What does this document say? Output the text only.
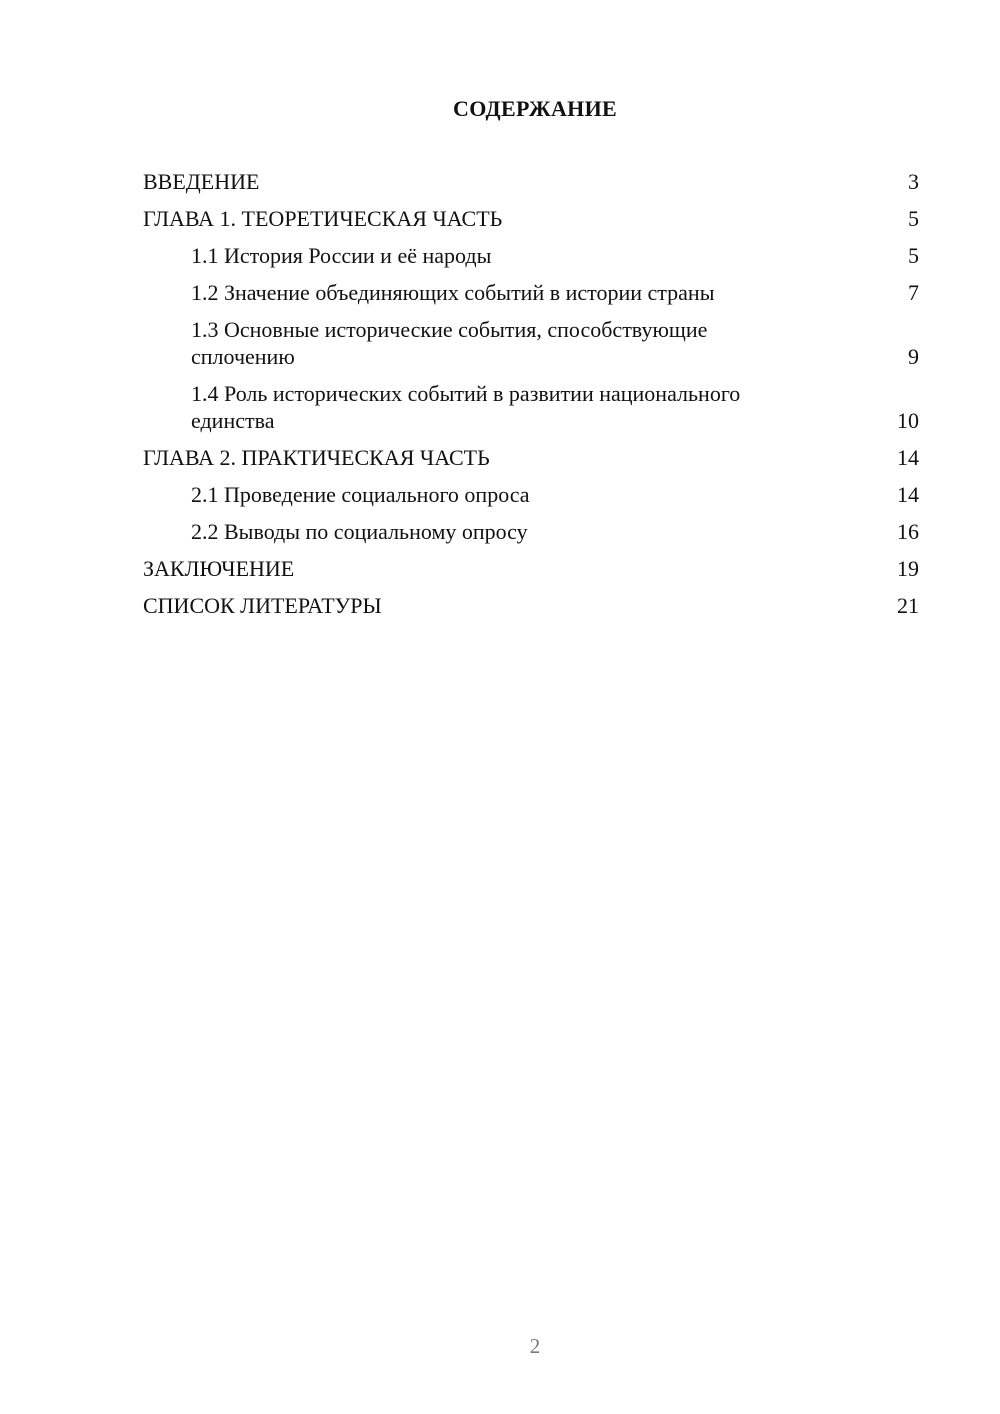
СОДЕРЖАНИЕ
ВВЕДЕНИЕ	3
ГЛАВА 1. ТЕОРЕТИЧЕСКАЯ ЧАСТЬ	5
1.1 История России и её народы	5
1.2 Значение объединяющих событий в истории страны	7
1.3 Основные исторические события, способствующие сплочению	9
1.4 Роль исторических событий в развитии национального единства	10
ГЛАВА 2. ПРАКТИЧЕСКАЯ ЧАСТЬ	14
2.1 Проведение социального опроса	14
2.2 Выводы по социальному опросу	16
ЗАКЛЮЧЕНИЕ	19
СПИСОК ЛИТЕРАТУРЫ	21
2
